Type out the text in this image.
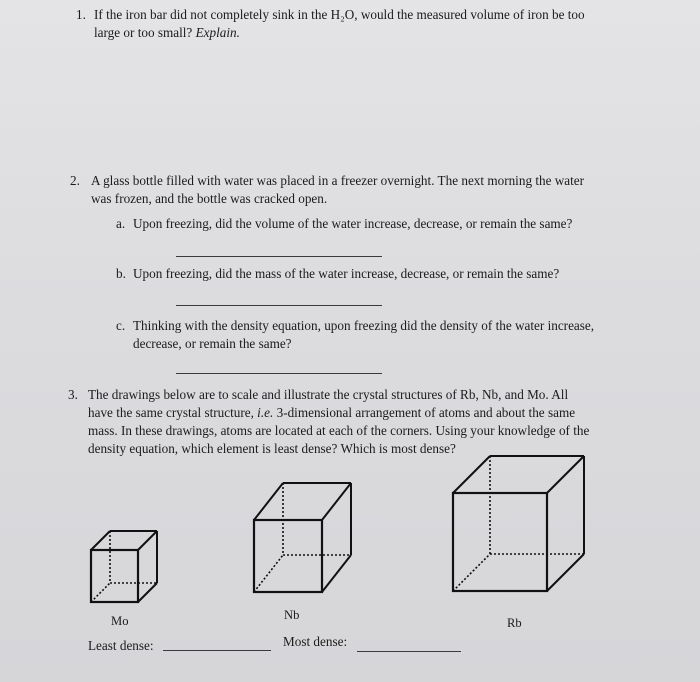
1. If the iron bar did not completely sink in the H₂O, would the measured volume of iron be too
large or too small? Explain.
2. A glass bottle filled with water was placed in a freezer overnight. The next morning the water
was frozen, and the bottle was cracked open.
a. Upon freezing, did the volume of the water increase, decrease, or remain the same?
b. Upon freezing, did the mass of the water increase, decrease, or remain the same?
c. Thinking with the density equation, upon freezing did the density of the water increase,
decrease, or remain the same?
3. The drawings below are to scale and illustrate the crystal structures of Rb, Nb, and Mo. All
have the same crystal structure, i.e. 3-dimensional arrangement of atoms and about the same
mass. In these drawings, atoms are located at each of the corners. Using your knowledge of the
density equation, which element is least dense? Which is most dense?
Mo	Nb
Rb
Least dense:	Most dense:
